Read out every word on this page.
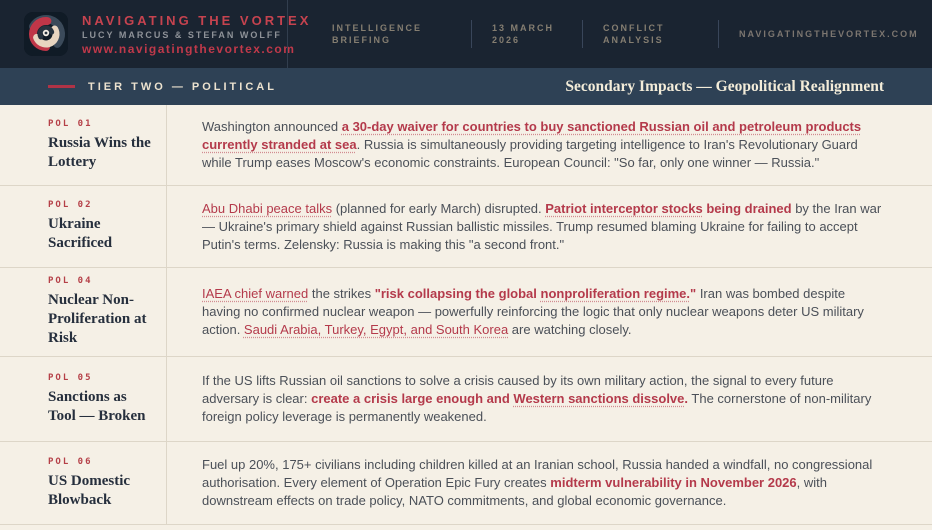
NAVIGATING THE VORTEX
LUCY MARCUS & STEFAN WOLFF
www.navigatingthevortex.com
INTELLIGENCE
BRIEFING
13 MARCH
2026
CONFLICT
ANALYSIS
NAVIGATINGTHEVORTEX.COM
TIER TWO — POLITICAL	Secondary Impacts — Geopolitical Realignment
POL 01
Russia Wins the Lottery

Washington announced a 30-day waiver for countries to buy sanctioned Russian oil and petroleum products currently stranded at sea. Russia is simultaneously providing targeting intelligence to Iran's Revolutionary Guard while Trump eases Moscow's economic constraints. European Council: "So far, only one winner — Russia."

POL 02
Ukraine Sacrificed

Abu Dhabi peace talks (planned for early March) disrupted. Patriot interceptor stocks being drained by the Iran war — Ukraine's primary shield against Russian ballistic missiles. Trump resumed blaming Ukraine for failing to accept Putin's terms. Zelensky: Russia is making this "a second front."

POL 04
Nuclear Non-Proliferation at Risk

IAEA chief warned the strikes "risk collapsing the global nonproliferation regime." Iran was bombed despite having no confirmed nuclear weapon — powerfully reinforcing the logic that only nuclear weapons deter US military action. Saudi Arabia, Turkey, Egypt, and South Korea are watching closely.

POL 05
Sanctions as Tool — Broken

If the US lifts Russian oil sanctions to solve a crisis caused by its own military action, the signal to every future adversary is clear: create a crisis large enough and Western sanctions dissolve. The cornerstone of non-military foreign policy leverage is permanently weakened.

POL 06
US Domestic Blowback

Fuel up 20%, 175+ civilians including children killed at an Iranian school, Russia handed a windfall, no congressional authorisation. Every element of Operation Epic Fury creates midterm vulnerability in November 2026, with downstream effects on trade policy, NATO commitments, and global economic governance.
